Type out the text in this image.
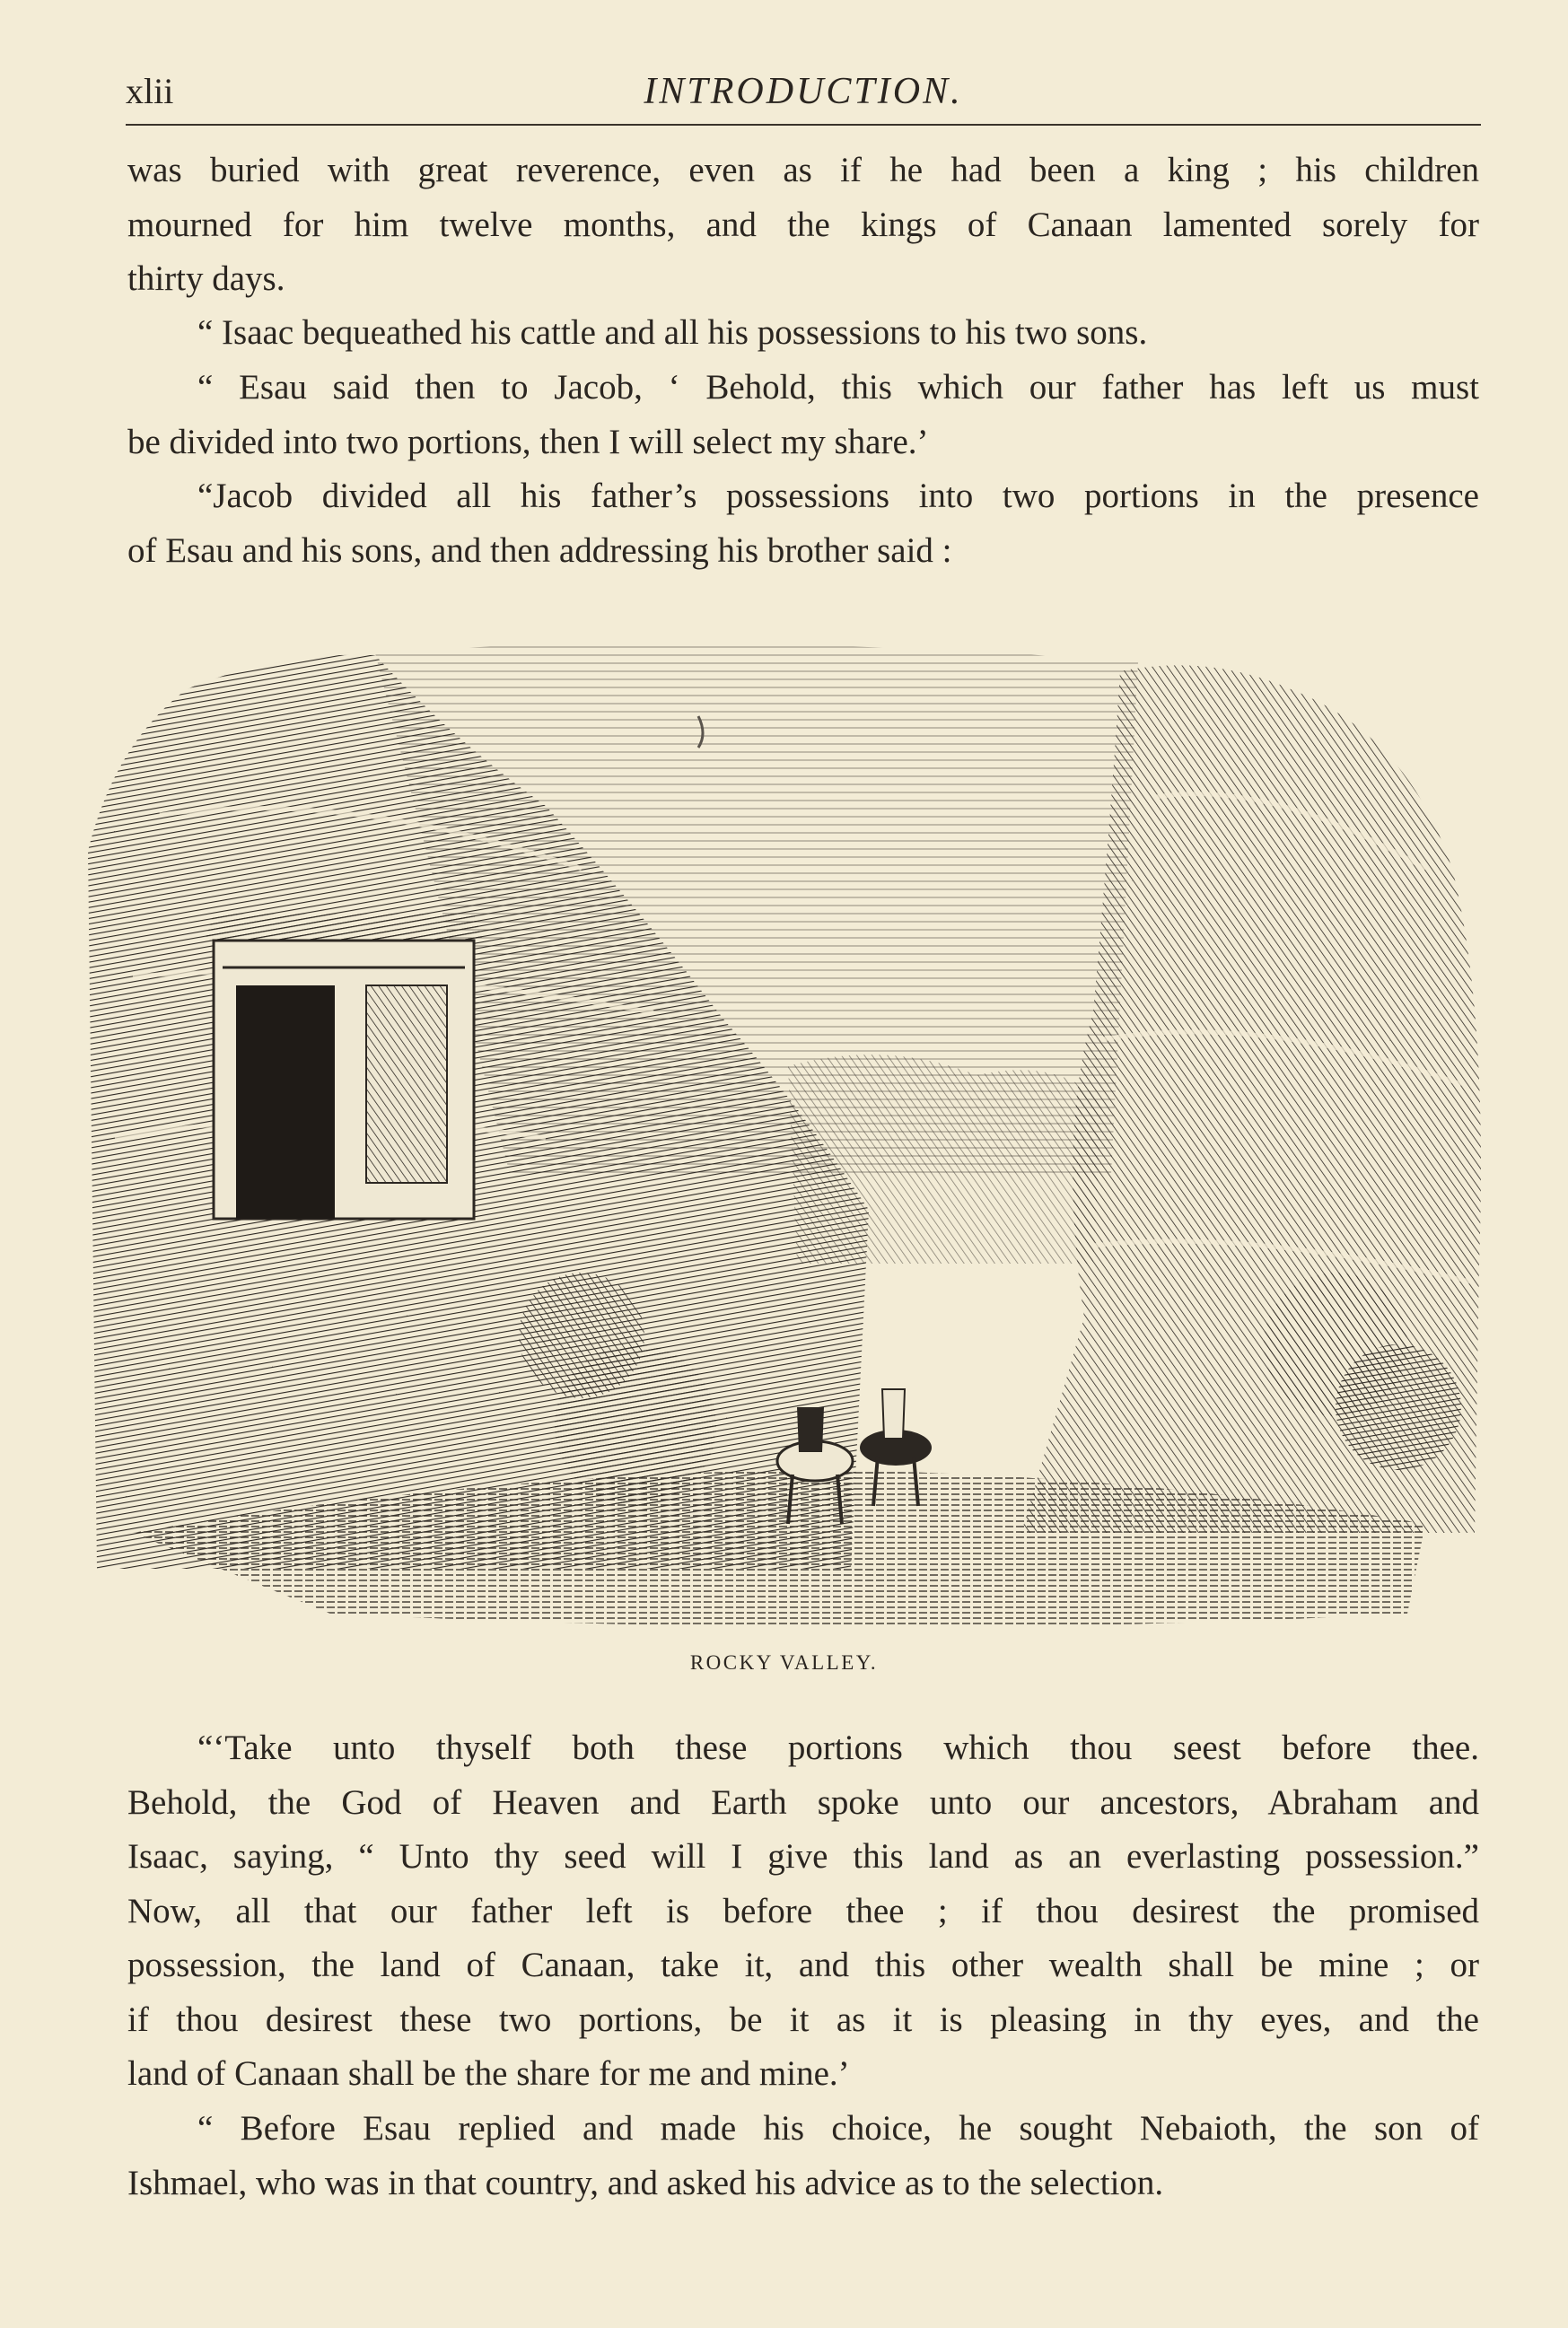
xlii	INTRODUCTION.
was buried with great reverence, even as if he had been a king ; his children
mourned for him twelve months, and the kings of Canaan lamented sorely for
thirty days.
“ Isaac bequeathed his cattle and all his possessions to his two sons.
“ Esau said then to Jacob, ‘ Behold, this which our father has left us must
be divided into two portions, then I will select my share.’
“Jacob divided all his father’s possessions into two portions in the presence
of Esau and his sons, and then addressing his brother said :
ROCKY VALLEY.
“‘Take unto thyself both these portions which thou seest before thee.
Behold, the God of Heaven and Earth spoke unto our ancestors, Abraham and
Isaac, saying, “ Unto thy seed will I give this land as an everlasting possession.”
Now, all that our father left is before thee ; if thou desirest the promised
possession, the land of Canaan, take it, and this other wealth shall be mine ; or
if thou desirest these two portions, be it as it is pleasing in thy eyes, and the
land of Canaan shall be the share for me and mine.’
“ Before Esau replied and made his choice, he sought Nebaioth, the son of
Ishmael, who was in that country, and asked his advice as to the selection.
